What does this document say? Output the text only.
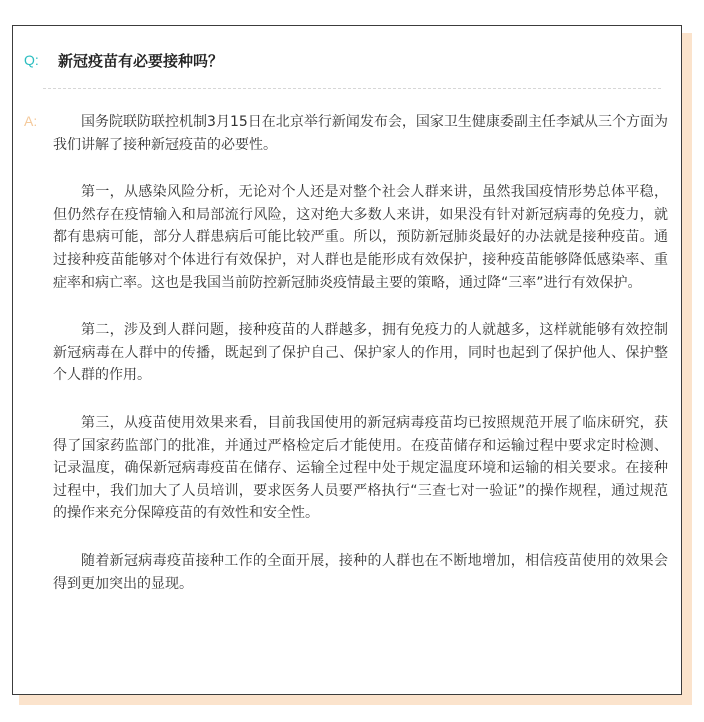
Q: 新冠疫苗有必要接种吗？
A:	国务院联防联控机制3月15日在北京举行新闻发布会，国家卫生健康委副主任李斌从三个方面为我们讲解了接种新冠疫苗的必要性。

第一，从感染风险分析，无论对个人还是对整个社会人群来讲，虽然我国疫情形势总体平稳，但仍然存在疫情输入和局部流行风险，这对绝大多数人来讲，如果没有针对新冠病毒的免疫力，就都有患病可能，部分人群患病后可能比较严重。所以，预防新冠肺炎最好的办法就是接种疫苗。通过接种疫苗能够对个体进行有效保护，对人群也是能形成有效保护，接种疫苗能够降低感染率、重症率和病亡率。这也是我国当前防控新冠肺炎疫情最主要的策略，通过降“三率”进行有效保护。

第二，涉及到人群问题，接种疫苗的人群越多，拥有免疫力的人就越多，这样就能够有效控制新冠病毒在人群中的传播，既起到了保护自己、保护家人的作用，同时也起到了保护他人、保护整个人群的作用。

第三，从疫苗使用效果来看，目前我国使用的新冠病毒疫苗均已按照规范开展了临床研究，获得了国家药监部门的批准，并通过严格检定后才能使用。在疫苗储存和运输过程中要求定时检测、记录温度，确保新冠病毒疫苗在储存、运输全过程中处于规定温度环境和运输的相关要求。在接种过程中，我们加大了人员培训，要求医务人员要严格执行“三查七对一验证”的操作规程，通过规范的操作来充分保障疫苗的有效性和安全性。

随着新冠病毒疫苗接种工作的全面开展，接种的人群也在不断地增加，相信疫苗使用的效果会得到更加突出的显现。
